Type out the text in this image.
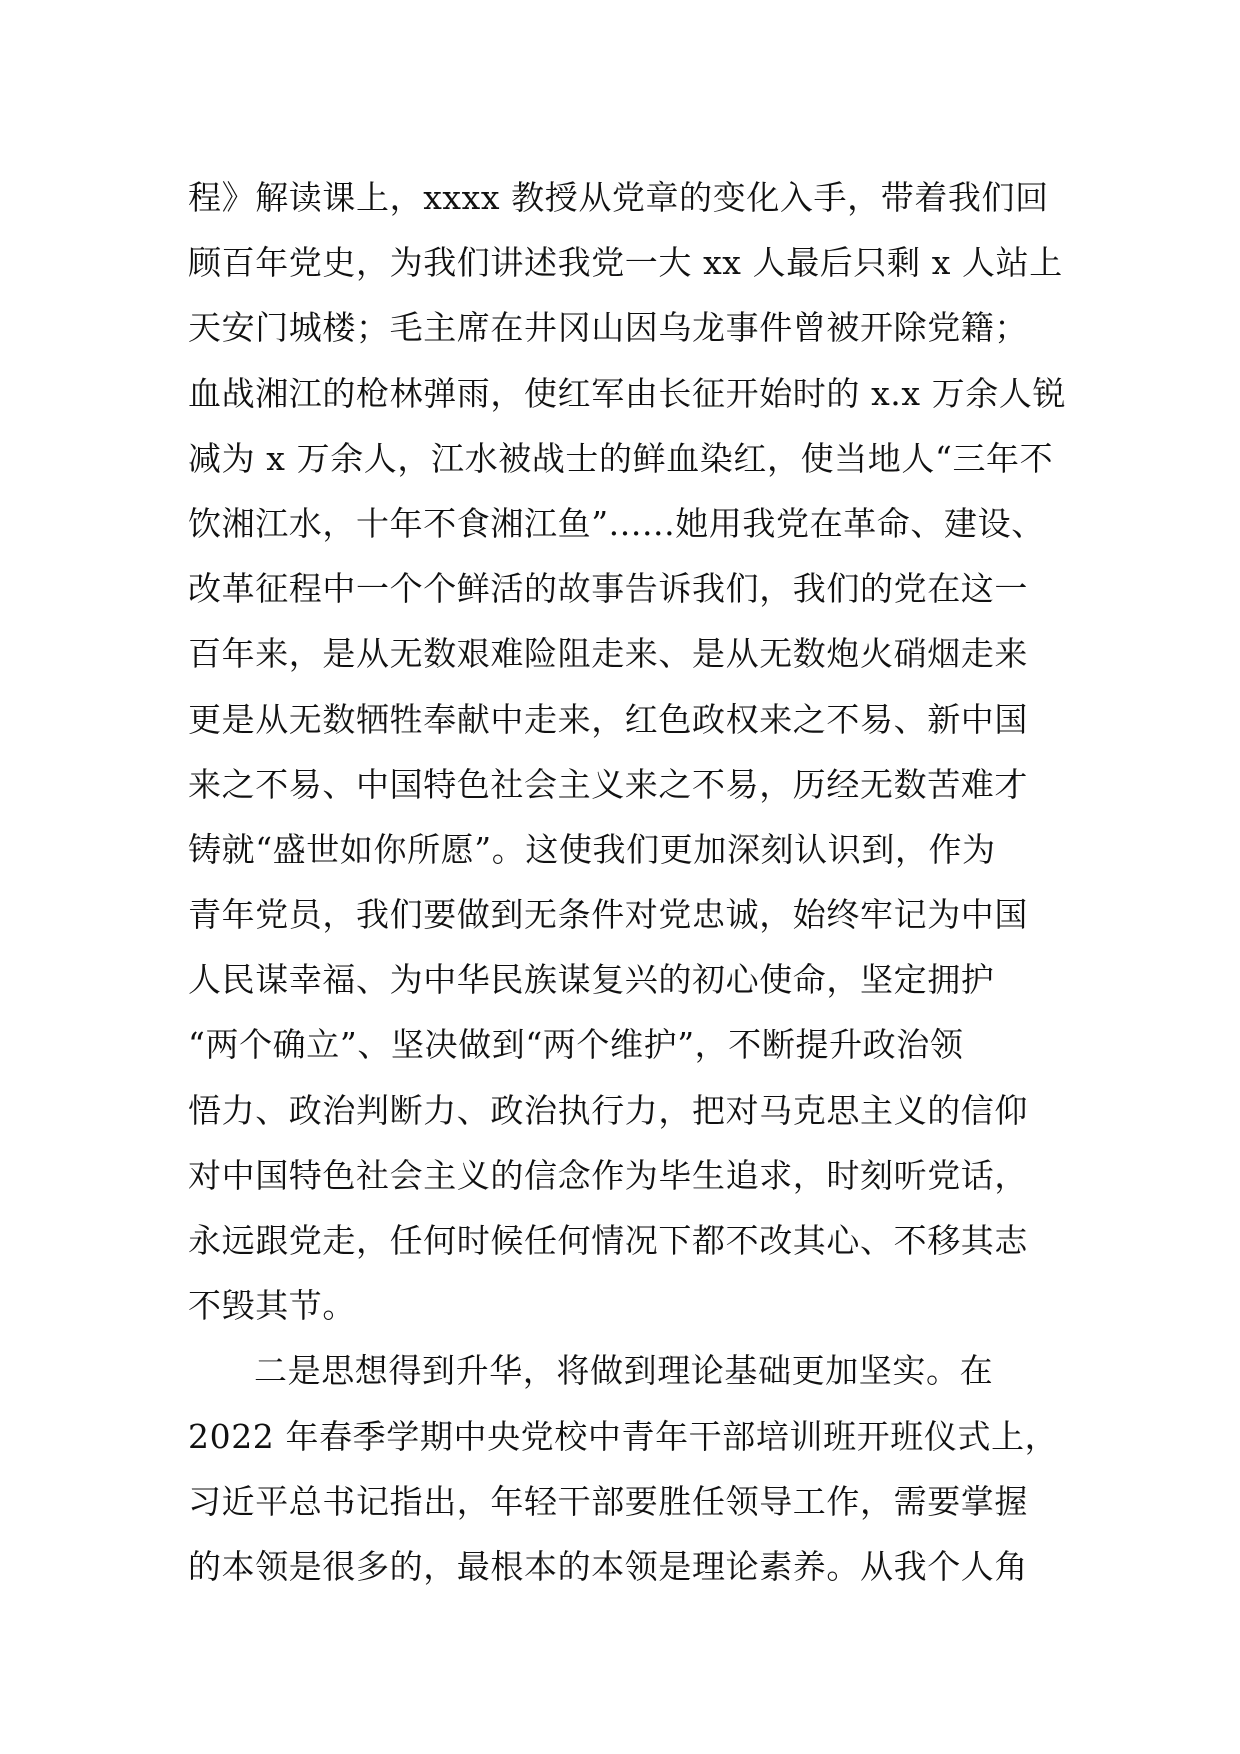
程》解读课上，xxxx 教授从党章的变化入手，带着我们回
顾百年党史，为我们讲述我党一大 xx 人最后只剩 x 人站上
天安门城楼；毛主席在井冈山因乌龙事件曾被开除党籍；
血战湘江的枪林弹雨，使红军由长征开始时的 x.x 万余人锐
减为 x 万余人，江水被战士的鲜血染红，使当地人“三年不
饮湘江水，十年不食湘江鱼”......她用我党在革命、建设、
改革征程中一个个鲜活的故事告诉我们，我们的党在这一
百年来，是从无数艰难险阻走来、是从无数炮火硝烟走来
更是从无数牺牲奉献中走来，红色政权来之不易、新中国
来之不易、中国特色社会主义来之不易，历经无数苦难才
铸就“盛世如你所愿”。这使我们更加深刻认识到，作为
青年党员，我们要做到无条件对党忠诚，始终牢记为中国
人民谋幸福、为中华民族谋复兴的初心使命，坚定拥护
“两个确立”、坚决做到“两个维护”，不断提升政治领
悟力、政治判断力、政治执行力，把对马克思主义的信仰
对中国特色社会主义的信念作为毕生追求，时刻听党话，
永远跟党走，任何时候任何情况下都不改其心、不移其志
不毁其节。
二是思想得到升华，将做到理论基础更加坚实。在
2022 年春季学期中央党校中青年干部培训班开班仪式上，
习近平总书记指出，年轻干部要胜任领导工作，需要掌握
的本领是很多的，最根本的本领是理论素养。从我个人角
